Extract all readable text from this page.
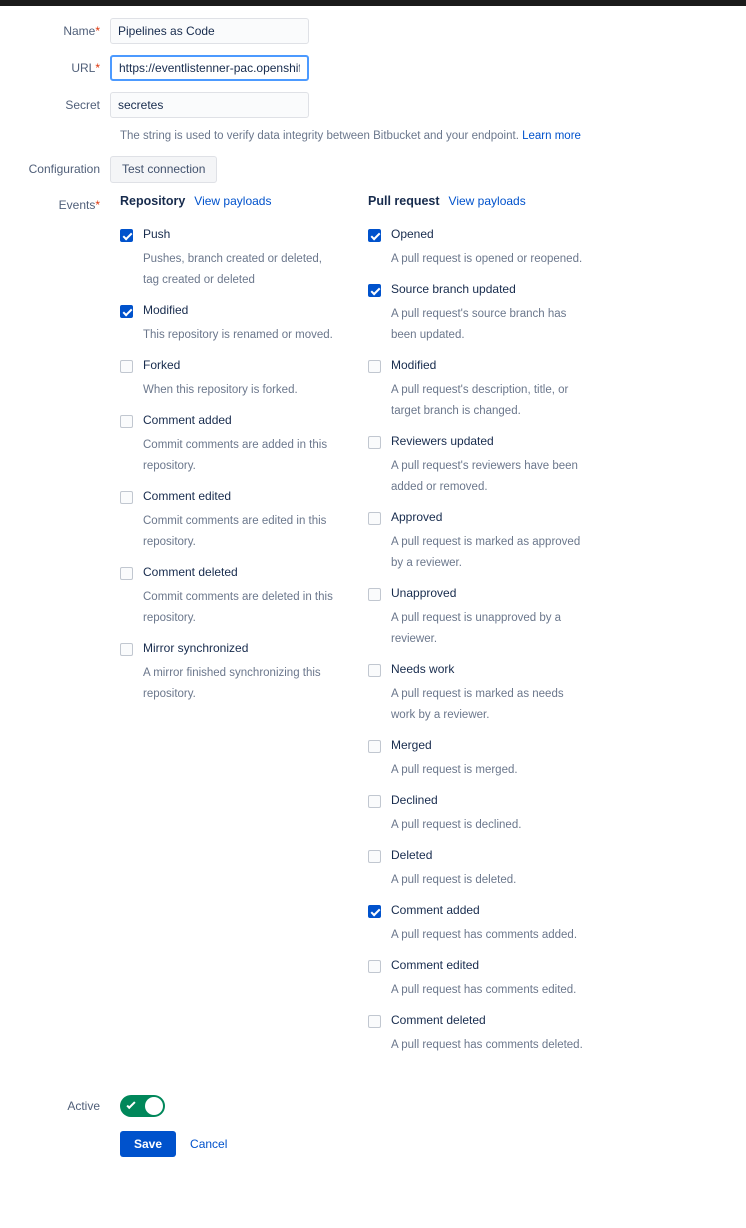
Name*
Pipelines as Code
URL*
https://eventlistenner-pac.openshift.co
Secret
secretes
The string is used to verify data integrity between Bitbucket and your endpoint. Learn more
Configuration	Test connection
Events*	Repository View payloads
Push
Pushes, branch created or deleted, tag created or deleted
Modified
This repository is renamed or moved.
Forked
When this repository is forked.
Comment added
Commit comments are added in this repository.
Comment edited
Commit comments are edited in this repository.
Comment deleted
Commit comments are deleted in this repository.
Mirror synchronized
A mirror finished synchronizing this repository.
Pull request View payloads
Opened
A pull request is opened or reopened.
Source branch updated
A pull request's source branch has been updated.
Modified
A pull request's description, title, or target branch is changed.
Reviewers updated
A pull request's reviewers have been added or removed.
Approved
A pull request is marked as approved by a reviewer.
Unapproved
A pull request is unapproved by a reviewer.
Needs work
A pull request is marked as needs work by a reviewer.
Merged
A pull request is merged.
Declined
A pull request is declined.
Deleted
A pull request is deleted.
Comment added
A pull request has comments added.
Comment edited
A pull request has comments edited.
Comment deleted
A pull request has comments deleted.
Active
Save	Cancel
